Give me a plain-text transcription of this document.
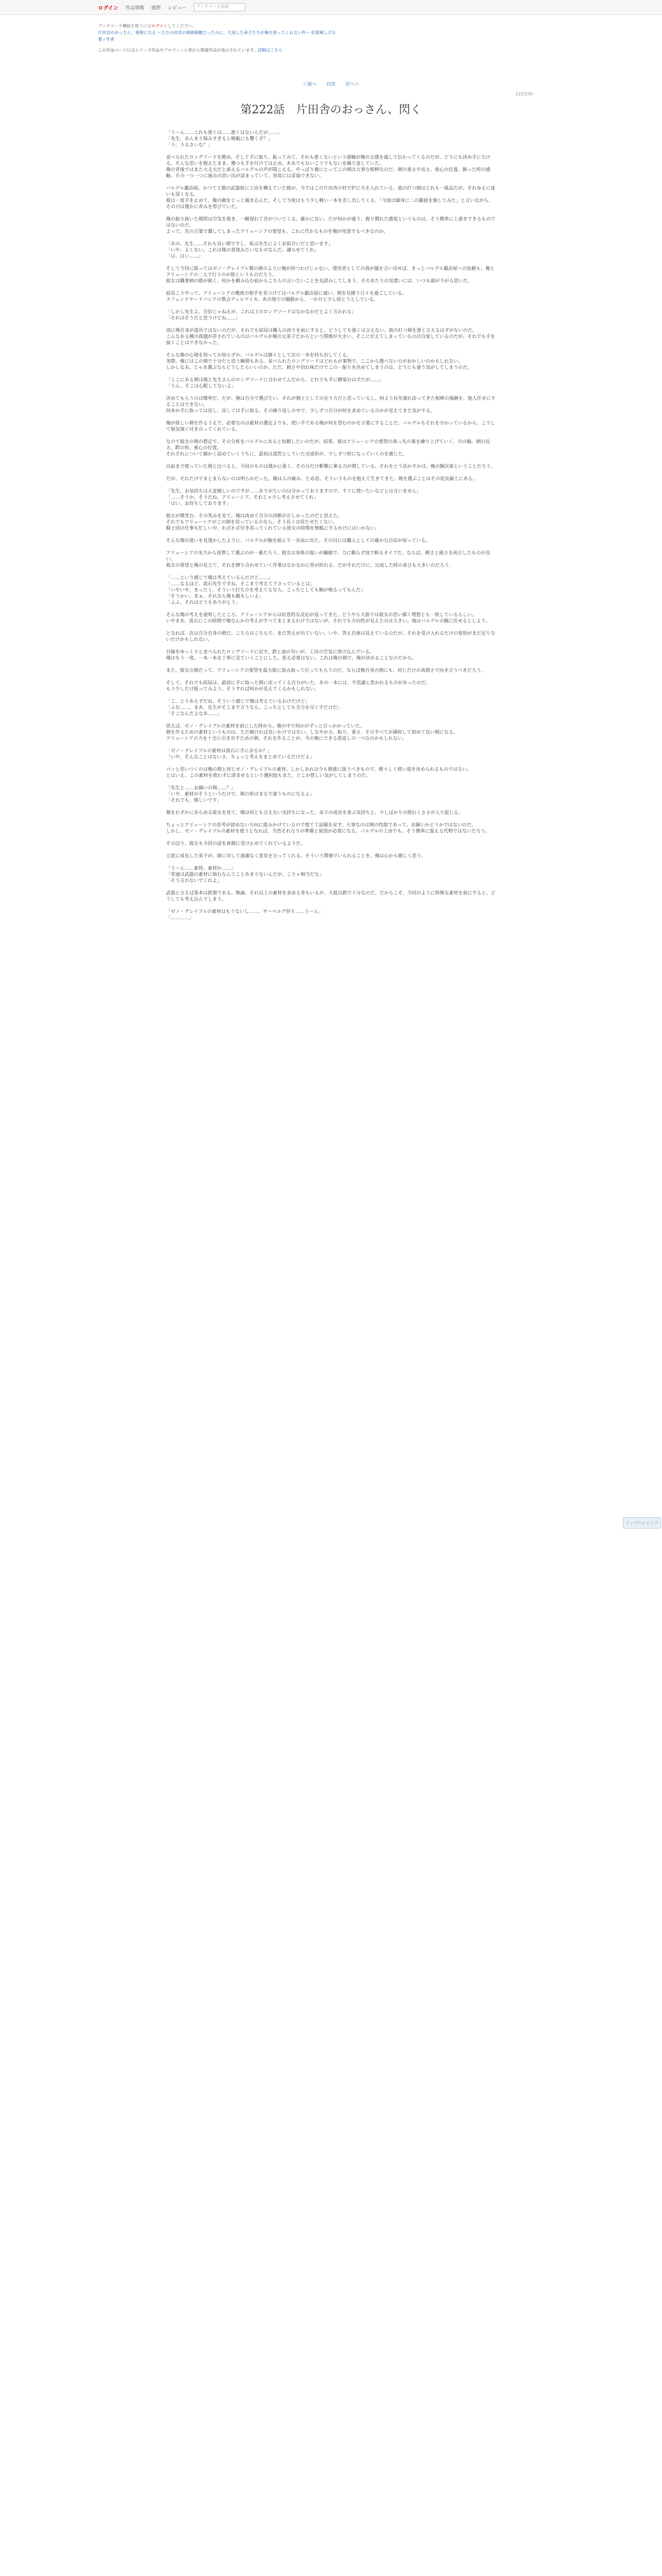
ログイン 作品情報 感想 レビュー	ブックマーク追加
ブックマーク機能を使うにはログインしてください。
片田舎のおっさん、剣聖になる ～ただの田舎の剣術師範だったのに、大成した弟子たちが俺を放ってくれない件～ 佐賀崎しげる
著 / 作者
この作品ページにはシリーズ作品やプロフィール等から関連作品が表示されています。詳細はこちら
＜前へ 目次 次へ＞
222/230
第222話　片田舎のおっさん、閃く

「うーん……これも悪くは……悪くはないんだが……」

「先生、あんまり悩みすぎると晩飯にも響くぞ？」

「う、うるさいな？」

並べられたロングソードを眺め、そして手に取り、振ってみて、それも悪くないという感触が俺の五感を通して伝わってくるのだが、どうにも決め手に欠ける。そんな思いを抱えたまま、幾つも手を付けては止め、ああでもないこうでもないを繰り返していた。

俺の背後ではまた大丈夫だと訴えるバルデルの声が聞こえる。やっぱり俺にとってこの剣は大事な相棒なのだ。剣の重さや長さ、重心の位置、握った時の感触、その一つ一つに過去の思い出が詰まっていて、容易には妥協できない。

バルデル鍛冶屋。かつて王都の武器街に工房を構えていた彼が、今ではこの片田舎の村で炉に火を入れている。彼の打つ剣はどれも一級品だが、それゆえに迷いも深くなる。

彼は一度手を止めて、俺の顔をじっと覗き込んだ。そして今度はもう少し軽い一本を差し出してくる。「今度は細身に二の鍛接を施してみた」と言いながら、その刃は僅かに青みを帯びていた。

俺の振り抜いた剣閃は空気を裂き、一瞬遅れて音がついてくる。確かに良い。だが何かが違う。握り慣れた感覚というものは、そう簡単に上書きできるものではないのだ。

よって、先の言葉で濁してしまったアリューシアの要望も、これに代わるものを俺が用意するべきなのか。

「あの、先生……それも良い剣ですし、私は先生によくお似合いだと思います」

「いや、よくない。これは俺の意地みたいなものなんだ。譲らせてくれ」

「は、はい……」

そして今回に限ってはゼノ・グレイブル製の剣のように俺が持つわけじゃない。使用者としての我が儘を言い出せば、きっとバルデル鍛冶屋への依頼も、俺とアリューシアの二人で行うのが筋というものだろう。

彼女は職業柄の勘が鋭く、何かを頼み込む前からこちらの言いたいことを先読みしてしまう。そのあたりの気遣いには、いつも頭が下がる思いだ。

結局こうやって、アリューシアの幾度の相手を見つけてはバルデル鍛冶屋に通い、剣を見繕う日々を過ごしている。

スフェンドヤードバニアの教会ディルマイカ、あの地での騒動から、一か月と少し経とうとしている。

「しかし先生よ、自信じゃねえが、これは上のロングソードはなかなかだとよく言われる」

「それはそうだと思うけどね……」

別に俺自身が道具ではないのだが、それでも結局は職人の誇りを前にすると、どうしても強くは言えない。彼の打つ剣を悪く言えるはずがないのだ。

こんなある種の我儘が許されているのはバルデルが俺の元弟子だからという関係が大きい。そこに甘えてしまっているのは自覚しているのだが、それでも手を抜くことはできなかった。

そんな俺の心境を知ってか知らずか、バルデルは嬉々として次の一本を持ち出してくる。

実際、俺にはこの剣で十分だと思う瞬間もある。並べられたロングソードはどれもが業物で、ここから選べない方がおかしいのかもしれない。

しかしなあ。じゃあ選ぶならどうしたらいいのか。ただ、鋭さや切れ味だけでこの一振りを決めてしまうのは、どうにも違う気がしてしまうのだ。

「ここにある剣は俺と先生さんのロングソードに合わせてんだから、どれでも手に馴染むはずだが……」

「うん。そこは心配してないよ」

決めてもらうのは簡単だ。だが、俺は自分で選びたい。それが剣士としての在り方だと思っているし、何より長年連れ添ってきた相棒の後継を、他人任せにすることはできない。

何本か手に取っては戻し、戻しては手に取る。その繰り返しの中で、少しずつ自分が何を求めているのかが見えてきた気がする。

俺が欲しい剣を作るうえで、必要なのは素材の選定よりも、使い手である俺が何を望むのかを言葉にすることだ。バルデルもそれを分かっているから、こうして根気強く付き合ってくれている。

なので彼女の剣の想定で、その分析をバルデルにあると依頼したいのだが、結果、彼はアリューシアの要望の真っ先の案を練り上げていく。刃の幅、柄の長さ、鍔の形、重心の位置。

それぞれについて細かく詰めていくうちに、最初は漠然としていた完成形が、少しずつ形になっていくのを感じた。

以前まで使っていた剣と比べると、今回のものは僅かに重く、その分だけ斬撃に乗る力が増している。それをどう活かすかは、俺の腕次第ということだろう。

だが、それだけでまとまらないのは明らかだった。俺は人の痛み、ため息、そういうものを抱えて生きてきた。剣を選ぶことはその延長線上にある。

「先生、お気持ちは大変嬉しいのですが……ありがたいのは分かっておりますので、すぐに使いたいなどとは言いません」

「……そうか。そうだね、アリューシア。それじゃ少し考えさせてくれ」

「はい、お待ちしております」

彼女が微笑む。その笑みを見て、俺は改めて自分の決断が正しかったのだと思えた。

それでもアリューシアがこの剣を待っているのなら、そう長くは待たせたくない。

騎士団の仕事も忙しい中、わざわざ付き添ってくれている彼女の時間を無駄にするわけにはいかない。

そんな俺の迷いを見透かしたように、バルデルが腕を組んで一歩前に出た。その目には職人としての確かな自信が宿っている。

アリューシアの実力から逆算して選ぶのが一番だろう。彼女は身体の扱いが繊細で、力に頼らず技で斬るタイプだ。ならば、軽さと鋭さを両立したものが良い。

彼女の要望と俺の見立て、それを擦り合わせていく作業はなかなかに骨が折れる。だがそれだけに、完成した時の喜びも大きいのだろう。

「……という感じで俺は考えているんだけど……」

「……なるほど。流石先生ですね、そこまで考えて下さっているとは」

「いやいや、まったく、そういう打ち方を考えてるなら、こっちとしても腕が鳴るってもんだ」

「そうかい、まぁ、それなら俺も頼もしいよ」

「ふふ、それはどうもありがとう」

そんな俺の考えを説明したところ、アリューシアからは好意的な反応が返ってきた。どうやら大筋では彼女の思い描く理想とも一致しているらしい。

いやまあ、流石にこの時間で俺なんかの考えがすべてまとまるわけではないが、それでも方向性が見えたのは大きい。後はバルデルの腕に任せるとしよう。

となれば、次は自分自身の剣だ。こちらはこちらで、まだ答えが出ていない。いや、答え自体は見えているのだが、それを受け入れるだけの覚悟がまだ足りないだけかもしれない。

目線をゆっくりと並べられたロングソードに戻す。鉄と油の匂いが、工房の空気に溶け込んでいる。

俺はもう一度、一本一本を丁寧に見ていくことにした。焦る必要はない。これは俺の剣で、俺が決めることなのだから。

また、彼女の剣だって、アリューシアの要望を最大限に汲み取って打ってもらうのだ。ならば俺自身の剣にも、同じだけの真剣さで向き合うべきだろう。

そして、それでも結局は、最初に手に取った剣に戻ってくる自分がいた。あの一本には、不思議と惹かれるものがあったのだ。

もう少しだけ振ってみよう。そうすれば何かが見えてくるかもしれない。

「こ、とりあえずだね。そういう感じで俺は考えているわけだけど」

「ふむ……。まあ、先生がそこまで言うなら、こっちとしても全力を尽くすだけだ」

「そこなんだよなあ……」

思えば、ゼノ・グレイブルの素材を前にした時から、俺の中で何かがずっと引っかかっていた。

剣を作るための素材というものは、ただ硬ければ良いわけではない。しなやかさ、粘り、重さ、そのすべてが調和して初めて良い剣になる。

アリューシアの力を十全に引き出すための剣。それを作ることが、今の俺にできる恩返しの一つなのかもしれない。

「ゼノ・グレイブルの素材は流石に手に余るか？」

「いや、そんなことはないさ。ちょっと考えをまとめているだけだよ」

パッと思いつくのは俺の剣と同じゼノ・グレイブルの素材。しかしあれは今も慎重に扱うべきもので、軽々しく使い道を決められるものではない。

とはいえ、この素材を使わずに済ませるという選択肢もまた、どこか惜しい気がしてしまうのだ。

「先生と……お揃いの剣……？」

「いや、素材がそうというだけで、剣の形はまるで違うものになるよ」

「それでも、嬉しいです」

頬をわずかに赤らめる彼女を見て、俺は何とも言えない気持ちになった。弟子の成長を喜ぶ気持ちと、少しばかりの照れくささが入り混じる。

ちょっとアリューシアの思考が読めない方向に進みかけているので慌てて話題を戻す。大事なのは剣の性能であって、お揃いかどうかではないのだ。

しかし、ゼノ・グレイブルの素材を使うとなれば、当然それなりの準備と覚悟が必要になる。バルデルの工房でも、そう簡単に扱える代物ではないだろう。

その辺り、彼女も今回の話を真剣に受け止めてくれているようだ。

立派に成長した弟子が、師に対して遠慮なく意見を言ってくれる。そういう関係でいられることを、俺は心から嬉しく思う。

「うーん……素材、素材か……」

「普通は武器の素材に悩むなんてことあまりないんだが、こりゃ相当だな」

「そう言わないでくれよ」

武器と言えば基本は鉄製である。無論、それ以上の素材を求める者もいるが、大抵は鉄で十分なのだ。だからこそ、今回のように特殊な素材を前にすると、どうしても考え込んでしまう。

「ゼノ・グレイブルの素材はもうないし……、サーペルグ狩り……うーん」

「…………」

トップへジャンプ
